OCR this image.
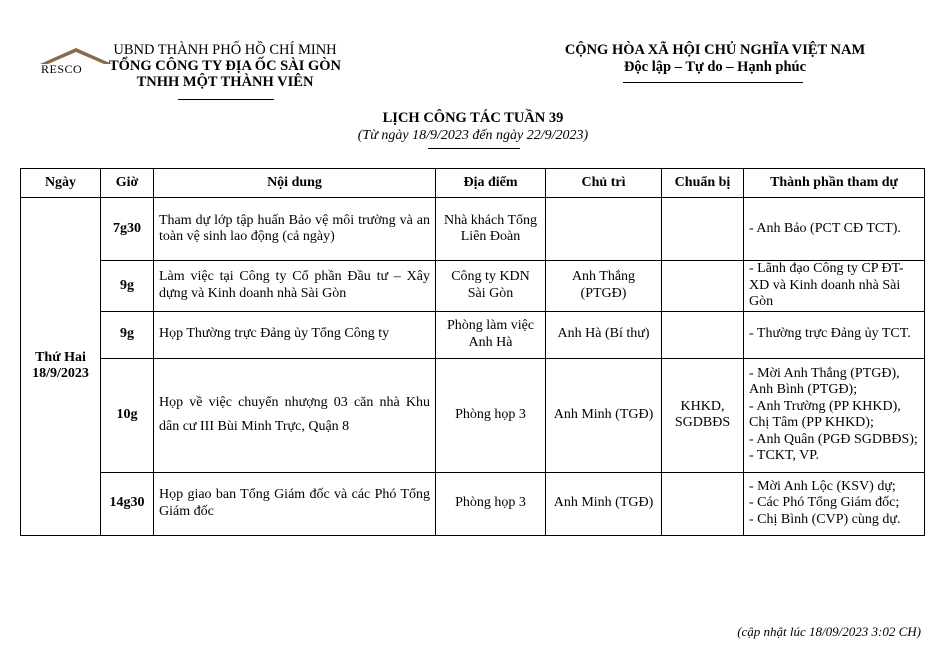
RESCO
UBND THÀNH PHỐ HỒ CHÍ MINH
TỔNG CÔNG TY ĐỊA ỐC SÀI GÒN
TNHH MỘT THÀNH VIÊN
CỘNG HÒA XÃ HỘI CHỦ NGHĨA VIỆT NAM
Độc lập – Tự do – Hạnh phúc
LỊCH CÔNG TÁC TUẦN 39
(Từ ngày 18/9/2023 đến ngày 22/9/2023)
Ngày	Giờ	Nội dung	Địa điểm	Chủ trì	Chuẩn bị	Thành phần tham dự
Thứ Hai
18/9/2023	7g30	Tham dự lớp tập huấn Bảo vệ môi trường và an toàn vệ sinh lao động (cả ngày)	Nhà khách Tổng Liên Đoàn			- Anh Bảo (PCT CĐ TCT).

	9g	Làm việc tại Công ty Cổ phần Đầu tư – Xây dựng và Kinh doanh nhà Sài Gòn	Công ty KDN Sài Gòn	Anh Thắng (PTGĐ)		- Lãnh đạo Công ty CP ĐT-XD và Kinh doanh nhà Sài Gòn

	9g	Họp Thường trực Đảng ủy Tổng Công ty	Phòng làm việc Anh Hà	Anh Hà (Bí thư)		- Thường trực Đảng ủy TCT.

	10g	Họp về việc chuyển nhượng 03 căn nhà Khu dân cư III Bùi Minh Trực, Quận 8	Phòng họp 3	Anh Minh (TGĐ)	KHKD, SGDBĐS	- Mời Anh Thắng (PTGĐ), Anh Bình (PTGĐ);
- Anh Trường (PP KHKD), Chị Tâm (PP KHKD);
- Anh Quân (PGĐ SGDBĐS);
- TCKT, VP.

	14g30	Họp giao ban Tổng Giám đốc và các Phó Tổng Giám đốc	Phòng họp 3	Anh Minh (TGĐ)		- Mời Anh Lộc (KSV) dự;
- Các Phó Tổng Giám đốc;
- Chị Bình (CVP) cùng dự.
(cập nhật lúc 18/09/2023 3:02 CH)
